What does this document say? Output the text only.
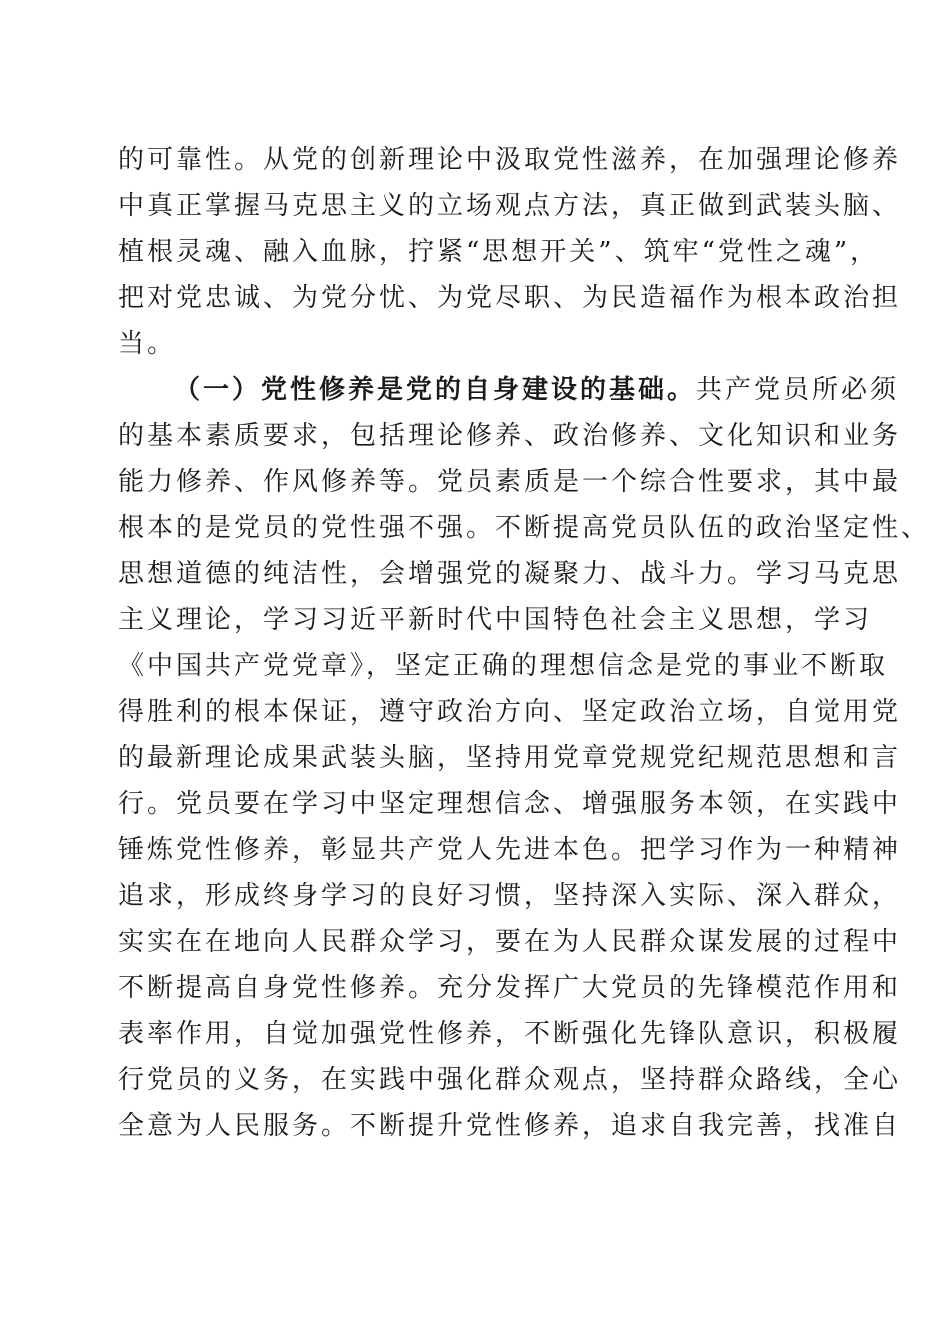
的可靠性。从党的创新理论中汲取党性滋养，在加强理论修养
中真正掌握马克思主义的立场观点方法，真正做到武装头脑、
植根灵魂、融入血脉，拧紧“思想开关”、筑牢“党性之魂”，
把对党忠诚、为党分忧、为党尽职、为民造福作为根本政治担
当。
（一）党性修养是党的自身建设的基础。共产党员所必须
的基本素质要求，包括理论修养、政治修养、文化知识和业务
能力修养、作风修养等。党员素质是一个综合性要求，其中最
根本的是党员的党性强不强。不断提高党员队伍的政治坚定性、
思想道德的纯洁性，会增强党的凝聚力、战斗力。学习马克思
主义理论，学习习近平新时代中国特色社会主义思想，学习
《中国共产党党章》，坚定正确的理想信念是党的事业不断取
得胜利的根本保证，遵守政治方向、坚定政治立场，自觉用党
的最新理论成果武装头脑，坚持用党章党规党纪规范思想和言
行。党员要在学习中坚定理想信念、增强服务本领，在实践中
锤炼党性修养，彰显共产党人先进本色。把学习作为一种精神
追求，形成终身学习的良好习惯，坚持深入实际、深入群众，
实实在在地向人民群众学习，要在为人民群众谋发展的过程中
不断提高自身党性修养。充分发挥广大党员的先锋模范作用和
表率作用，自觉加强党性修养，不断强化先锋队意识，积极履
行党员的义务，在实践中强化群众观点，坚持群众路线，全心
全意为人民服务。不断提升党性修养，追求自我完善，找准自
